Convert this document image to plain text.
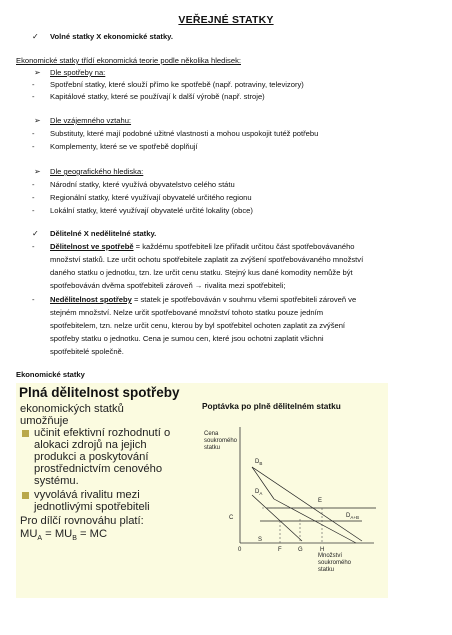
VEŘEJNÉ STATKY
✓ Volné statky X ekonomické statky.
Ekonomické statky třídí ekonomická teorie podle několika hledisek:
➢ Dle spotřeby na:
- Spotřební statky, které slouží přímo ke spotřebě (např. potraviny, televizory)
- Kapitálové statky, které se používají k další výrobě (např. stroje)
➢ Dle vzájemného vztahu:
- Substituty, které mají podobné užitné vlastnosti a mohou uspokojit tutéž potřebu
- Komplementy, které se ve spotřebě doplňují
➢ Dle geografického hlediska:
- Národní statky, které využívá obyvatelstvo celého státu
- Regionální statky, které využívají obyvatelé určitého regionu
- Lokální statky, které využívají obyvatelé určité lokality (obce)
✓ Dělitelné X nedělitelné statky.
- Dělitelnost ve spotřebě = každému spotřebiteli lze přiřadit určitou část spotřebovávaného
množství statků. Lze určit ochotu spotřebitele zaplatit za zvýšení spotřebovávaného množství
daného statku o jednotku, tzn. lze určit cenu statku. Stejný kus dané komodity nemůže být
spotřebováván dvěma spotřebiteli zároveň → rivalita mezi spotřebiteli;
- Nedělitelnost spotřeby = statek je spotřebováván v souhrnu všemi spotřebiteli zároveň ve
stejném množství. Nelze určit spotřebované množství tohoto statku pouze jedním
spotřebitelem, tzn. nelze určit cenu, kterou by byl spotřebitel ochoten zaplatit za zvýšení
spotřeby statku o jednotku. Cena je sumou cen, které jsou ochotni zaplatit všichni
spotřebitelé společně.
Ekonomické statky
Plná dělitelnost spotřeby
ekonomických statků
umožňuje
učinit efektivní rozhodnutí o
alokaci zdrojů na jejich
produkci a poskytování
prostřednictvím cenového
systému.
vyvolává rivalitu mezi
jednotlivými spotřebiteli
Pro dílčí rovnováhu platí:
$MU_A = MU_B$ = MC
Poptávka po plně dělitelném statku
Cena
soukromého
statku
Množství
soukromého
statku
0
$D_B$
$D_A$
E
$D_{A+B}$
C
S
F	G	H
